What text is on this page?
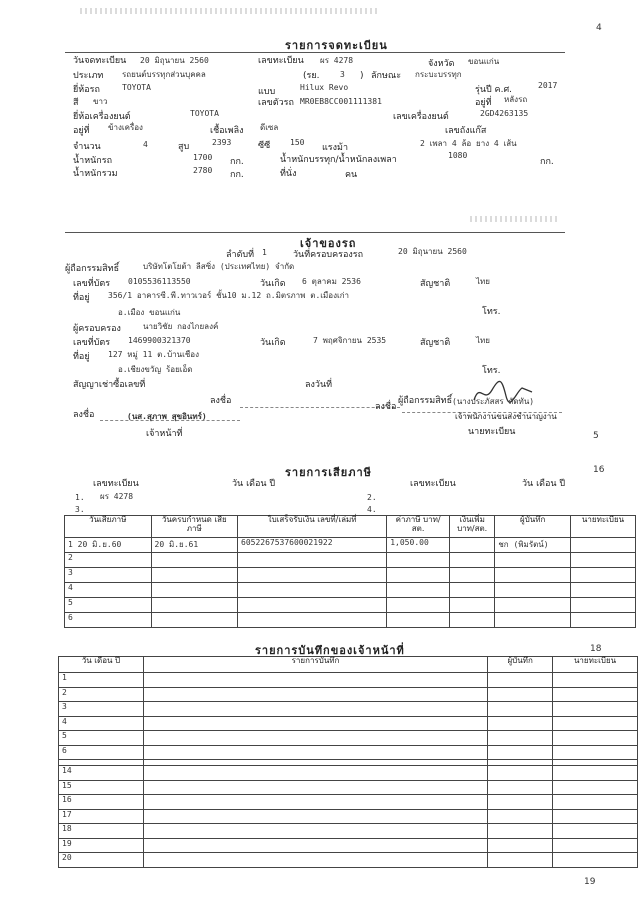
4
รายการจดทะเบียน
วันจดทะเบียน 20 มิถุนายน 2560	เลขทะเบียน ผร 4278	จังหวัด ขอนแก่น
ประเภท รถยนต์บรรทุกส่วนบุคคล	(รย.	3 ) ลักษณะ กระบะบรรทุก
ยี่ห้อรถ	TOYOTA	แบบ	Hilux Revo	รุ่นปี ค.ศ.	2017
สี ขาว	เลขตัวรถ MR0EB8CC001111381	อยู่ที่ หลังรถ
ยี่ห้อเครื่องยนต์	TOYOTA	เลขเครื่องยนต์	2GD4263135
อยู่ที่ ข้างเครื่อง	เชื้อเพลิง ดีเซล	เลขถังแก๊ส
จำนวน	4	สูบ	2393	ซีซี 150
แรงม้า	2 เพลา 4 ล้อ ยาง 4 เส้น
น้ำหนักรถ	1700 กก.	น้ำหนักบรรทุก/น้ำหนักลงเพลา	1080
กก.
น้ำหนักรวม	2780 กก.	ที่นั่ง	คน
เจ้าของรถ
ลำดับที่ 1	วันที่ครอบครองรถ	20 มิถุนายน 2560
ผู้ถือกรรมสิทธิ์	บริษัทโตโยต้า ลีสซิ่ง (ประเทศไทย) จำกัด
เลขที่บัตร 0105536113550	วันเกิด 6 ตุลาคม 2536	สัญชาติ	ไทย
ที่อยู่ 356/1 อาคารซี.พี.ทาวเวอร์ ชั้น10 ม.12 ถ.มิตรภาพ ต.เมืองเก่า
อ.เมือง ขอนแก่น	โทร.
ผู้ครอบครอง	นายวิชัย กองไกยลงค์
เลขที่บัตร 1469900321370	วันเกิด	7 พฤศจิกายน 2535	สัญชาติ	ไทย
ที่อยู่ 127 หมู่ 11 ต.บ้านเชือง
อ.เชียงขวัญ ร้อยเอ็ด	โทร.
สัญญาเช่าซื้อเลขที่	ลงวันที่
ลงชื่อ	ผู้ถือกรรมสิทธิ์
ลงชื่อ	(นส.สุภาพ สุขอินทร์)
เจ้าหน้าที่
ลงชื่อ
(นางประภัสสร ถัดทัน)
เจ้าพนักงานขนส่งชำนาญงาน
นายทะเบียน	5
รายการเสียภาษี	16
เลขทะเบียน	วัน เดือน ปี	เลขทะเบียน	วัน เดือน ปี
1. ผร 4278	2.
3.	4.
วันเสียภาษี	วันครบกำหนด เสียภาษี	ใบเสร็จรับเงิน เลขที่/เล่มที่	ค่าภาษี บาท/สต.	เงินเพิ่ม บาท/สต.	ผู้บันทึก	นายทะเบียน
1 20 มิ.ย.60	20 มิ.ย.61	6052267537600021922	1,050.00		ชก (พิมรัตน์)	
2						
3						
4						
5						
6						
รายการบันทึกของเจ้าหน้าที่	18
วัน เดือน ปี	รายการบันทึก	ผู้บันทึก	นายทะเบียน
1			
2			
3			
4			
5			
6			

14			
15			
16			
17			
18			
19			
20			
19
